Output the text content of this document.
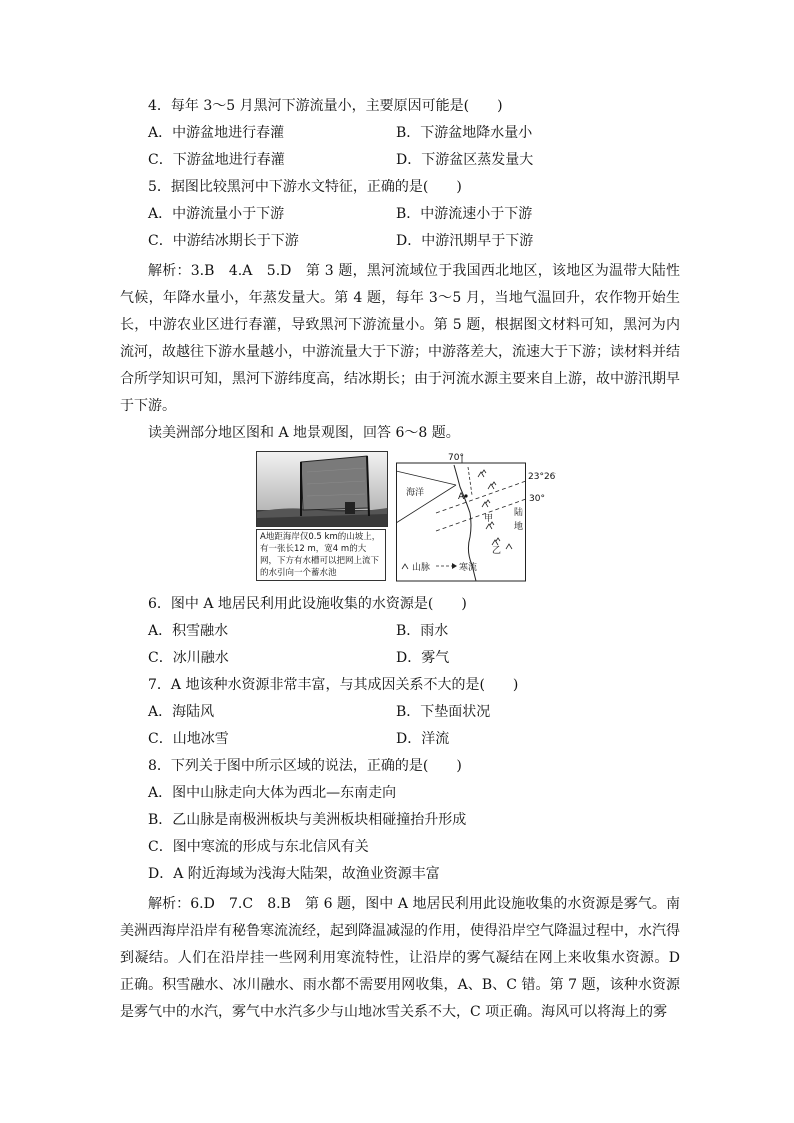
4．每年 3～5 月黑河下游流量小，主要原因可能是(　　)
A．中游盆地进行春灌	B．下游盆地降水量小
C．下游盆地进行春灌	D．下游盆区蒸发量大
5．据图比较黑河中下游水文特征，正确的是(　　)
A．中游流量小于下游	B．中游流速小于下游
C．中游结冰期长于下游	D．中游汛期早于下游
解析：3.B　4.A　5.D　第 3 题，黑河流域位于我国西北地区，该地区为温带大陆性气候，年降水量小，年蒸发量大。第 4 题，每年 3～5 月，当地气温回升，农作物开始生长，中游农业区进行春灌，导致黑河下游流量小。第 5 题，根据图文材料可知，黑河为内流河，故越往下游水量越小，中游流量大于下游；中游落差大，流速大于下游；读材料并结合所学知识可知，黑河下游纬度高，结冰期长；由于河流水源主要来自上游，故中游汛期早于下游。
读美洲部分地区图和 A 地景观图，回答 6～8 题。
A地距海岸仅0.5 km的山坡上，有一张长12 m，宽4 m的大网，下方有水槽可以把网上流下的水引向一个蓄水池
70°
23°26′
30°
海洋	A
甲
乙
陆
地
山脉	寒流
6．图中 A 地居民利用此设施收集的水资源是(　　)
A．积雪融水	B．雨水
C．冰川融水	D．雾气
7．A 地该种水资源非常丰富，与其成因关系不大的是(　　)
A．海陆风	B．下垫面状况
C．山地冰雪	D．洋流
8．下列关于图中所示区域的说法，正确的是(　　)
A．图中山脉走向大体为西北—东南走向
B．乙山脉是南极洲板块与美洲板块相碰撞抬升形成
C．图中寒流的形成与东北信风有关
D．A 附近海域为浅海大陆架，故渔业资源丰富
解析：6.D　7.C　8.B　第 6 题，图中 A 地居民利用此设施收集的水资源是雾气。南美洲西海岸沿岸有秘鲁寒流流经，起到降温减湿的作用，使得沿岸空气降温过程中，水汽得到凝结。人们在沿岸挂一些网利用寒流特性，让沿岸的雾气凝结在网上来收集水资源。D 正确。积雪融水、冰川融水、雨水都不需要用网收集，A、B、C 错。第 7 题，该种水资源是雾气中的水汽，雾气中水汽多少与山地冰雪关系不大，C 项正确。海风可以将海上的雾
